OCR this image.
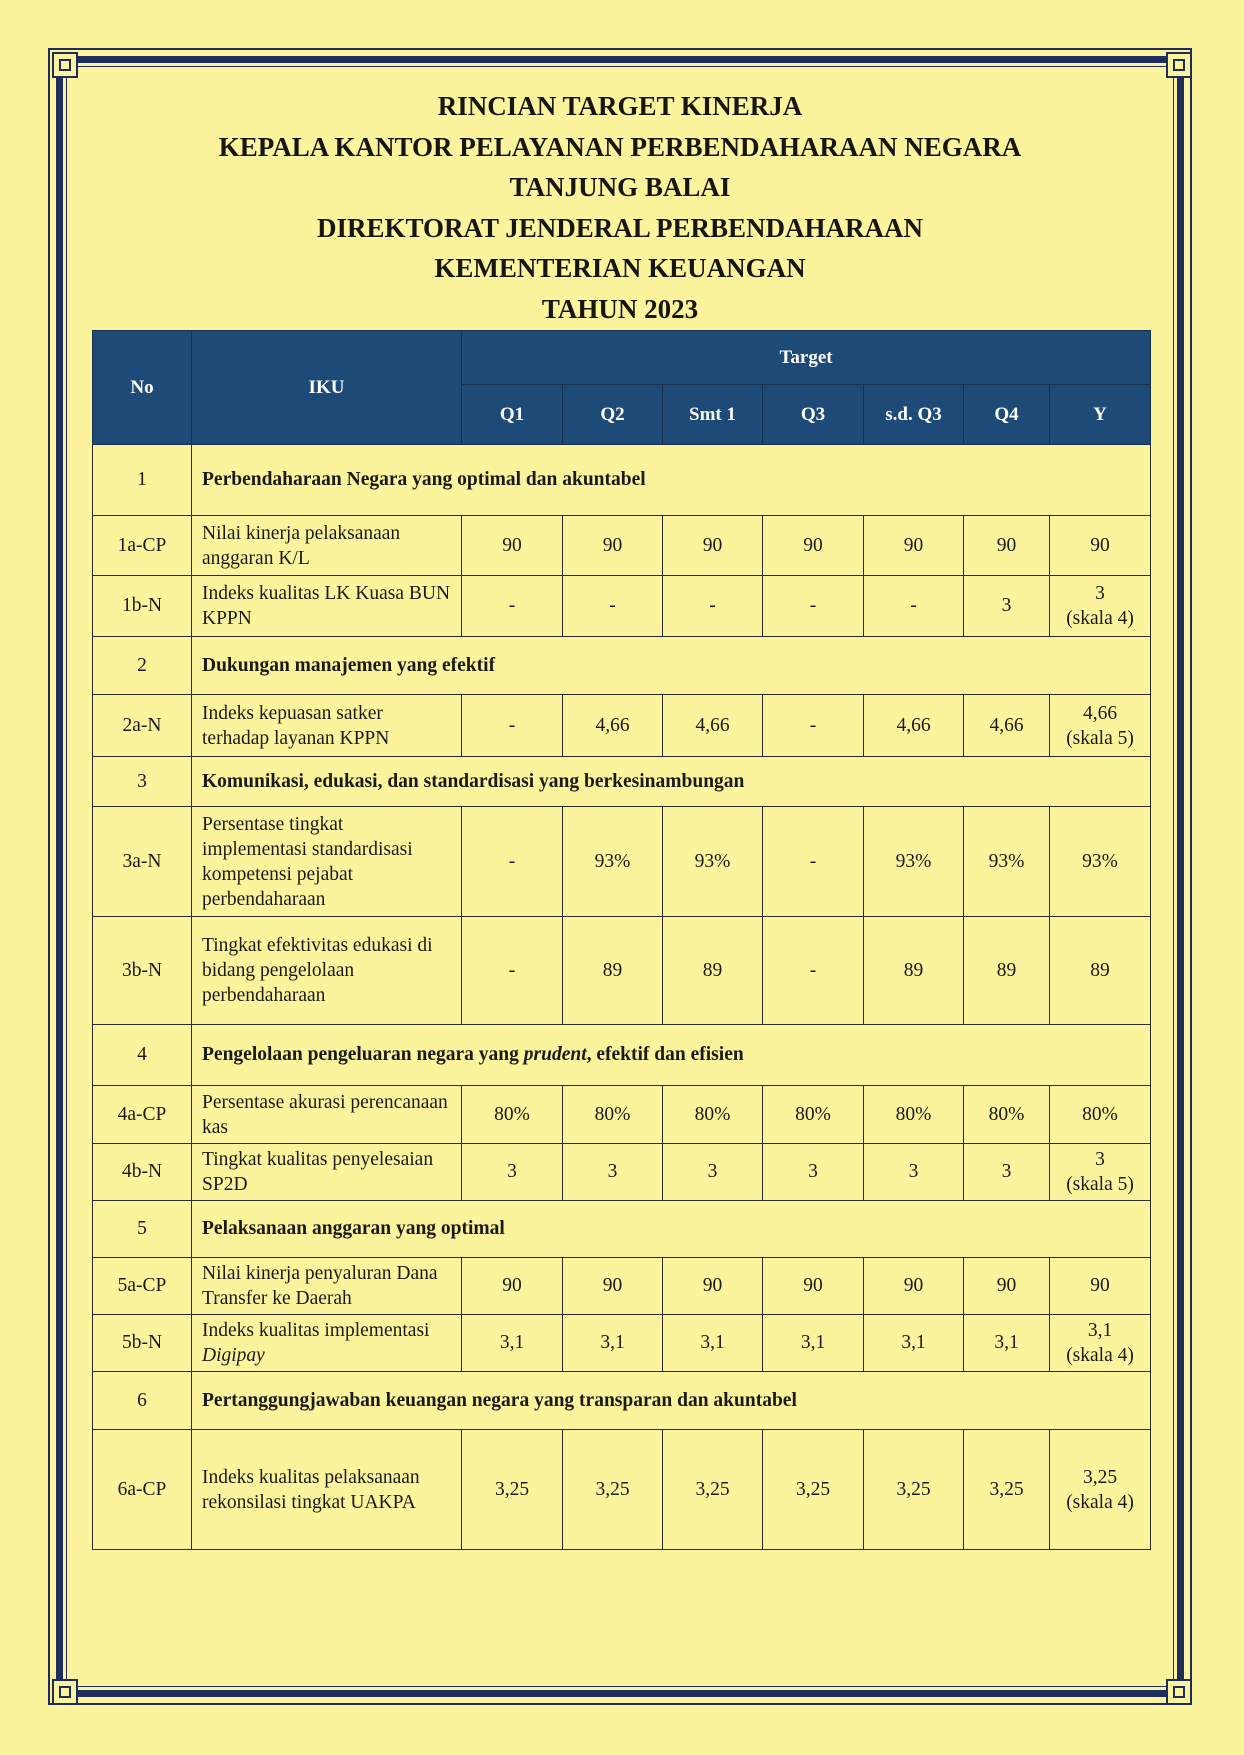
RINCIAN TARGET KINERJA
KEPALA KANTOR PELAYANAN PERBENDAHARAAN NEGARA
TANJUNG BALAI
DIREKTORAT JENDERAL PERBENDAHARAAN
KEMENTERIAN KEUANGAN
TAHUN 2023
No	IKU	Target						
		Q1	Q2	Smt 1	Q3	s.d. Q3	Q4	Y
1	Perbendaharaan Negara yang optimal dan akuntabel							
1a-CP	Nilai kinerja pelaksanaan anggaran K/L	90	90	90	90	90	90	90
1b-N	Indeks kualitas LK Kuasa BUN KPPN	-	-	-	-	-	3	3
(skala 4)

2	Dukungan manajemen yang efektif							
2a-N	Indeks kepuasan satker terhadap layanan KPPN	-	4,66	4,66	-	4,66	4,66	4,66
(skala 5)

3	Komunikasi, edukasi, dan standardisasi yang berkesinambungan							
3a-N	Persentase tingkat implementasi standardisasi kompetensi pejabat perbendaharaan	-	93%	93%	-	93%	93%	93%
3b-N	Tingkat efektivitas edukasi di bidang pengelolaan perbendaharaan	-	89	89	-	89	89	89
4	Pengelolaan pengeluaran negara yang prudent, efektif dan efisien							
4a-CP	Persentase akurasi perencanaan kas	80%	80%	80%	80%	80%	80%	80%
4b-N	Tingkat kualitas penyelesaian SP2D	3	3	3	3	3	3	3
(skala 5)

5	Pelaksanaan anggaran yang optimal							
5a-CP	Nilai kinerja penyaluran Dana Transfer ke Daerah	90	90	90	90	90	90	90
5b-N	Indeks kualitas implementasi Digipay	3,1	3,1	3,1	3,1	3,1	3,1	3,1
(skala 4)

6	Pertanggungjawaban keuangan negara yang transparan dan akuntabel							
6a-CP	Indeks kualitas pelaksanaan rekonsilasi tingkat UAKPA	3,25	3,25	3,25	3,25	3,25	3,25	3,25
(skala 4)
